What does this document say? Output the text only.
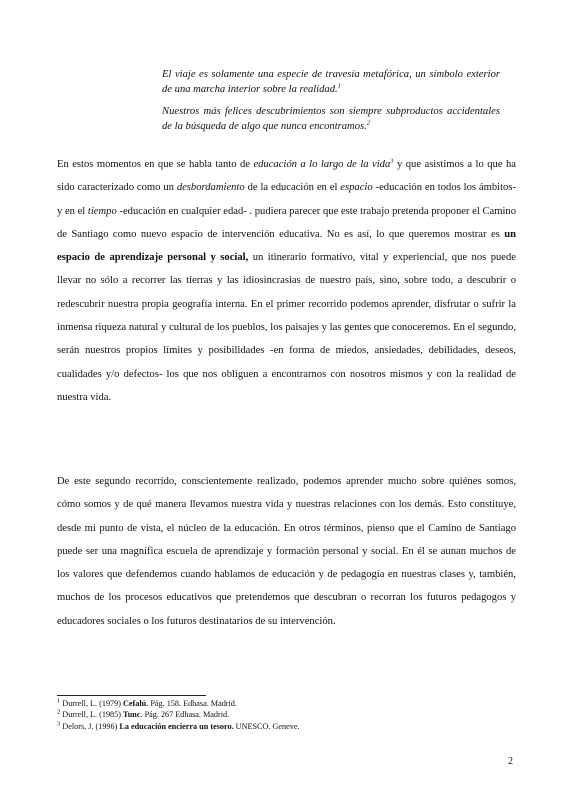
El viaje es solamente una especie de travesía metafórica, un símbolo exterior de una marcha interior sobre la realidad.$^1$
Nuestros más felices descubrimientos son siempre subproductos accidentales de la búsqueda de algo que nunca encontramos.$^2$

En estos momentos en que se habla tanto de educación a lo largo de la vida$^3$ y que asistimos a lo que ha sido caracterizado como un desbordamiento de la educación en el espacio -educación en todos los ámbitos- y en el tiempo -educación en cualquier edad- . pudiera parecer que este trabajo pretenda proponer el Camino de Santiago como nuevo espacio de intervención educativa. No es así, lo que queremos mostrar es un espacio de aprendizaje personal y social, un itinerario formativo, vital y experiencial, que nos puede llevar no sólo a recorrer las tierras y las idiosincrasias de nuestro país, sino, sobre todo, a descubrir o redescubrir nuestra propia geografía interna. En el primer recorrido podemos aprender, disfrutar o sufrir la inmensa riqueza natural y cultural de los pueblos, los paisajes y las gentes que conoceremos. En el segundo, serán nuestros propios límites y posibilidades -en forma de miedos, ansiedades, debilidades, deseos, cualidades y/o defectos- los que nos obliguen a encontrarnos con nosotros mismos y con la realidad de nuestra vida.

De este segundo recorrido, conscientemente realizado, podemos aprender mucho sobre quiénes somos, cómo somos y de qué manera llevamos nuestra vida y nuestras relaciones con los demás. Esto constituye, desde mi punto de vista, el núcleo de la educación. En otros términos, pienso que el Camino de Santiago puede ser una magnífica escuela de aprendizaje y formación personal y social. En él se aunan muchos de los valores que defendemos cuando hablamos de educación y de pedagogía en nuestras clases y, también, muchos de los procesos educativos que pretendemos que descubran o recorran los futuros pedagogos y educadores sociales o los futuros destinatarios de su intervención.

$^1$ Durrell, L. (1979) Cefalú. Pág. 158. Edhasa. Madrid.
$^2$ Durrell, L. (1985) Tunc. Pág. 267 Edhasa. Madrid.
$^3$ Delors, J. (1996) La educación encierra un tesoro. UNESCO. Geneve.
2
